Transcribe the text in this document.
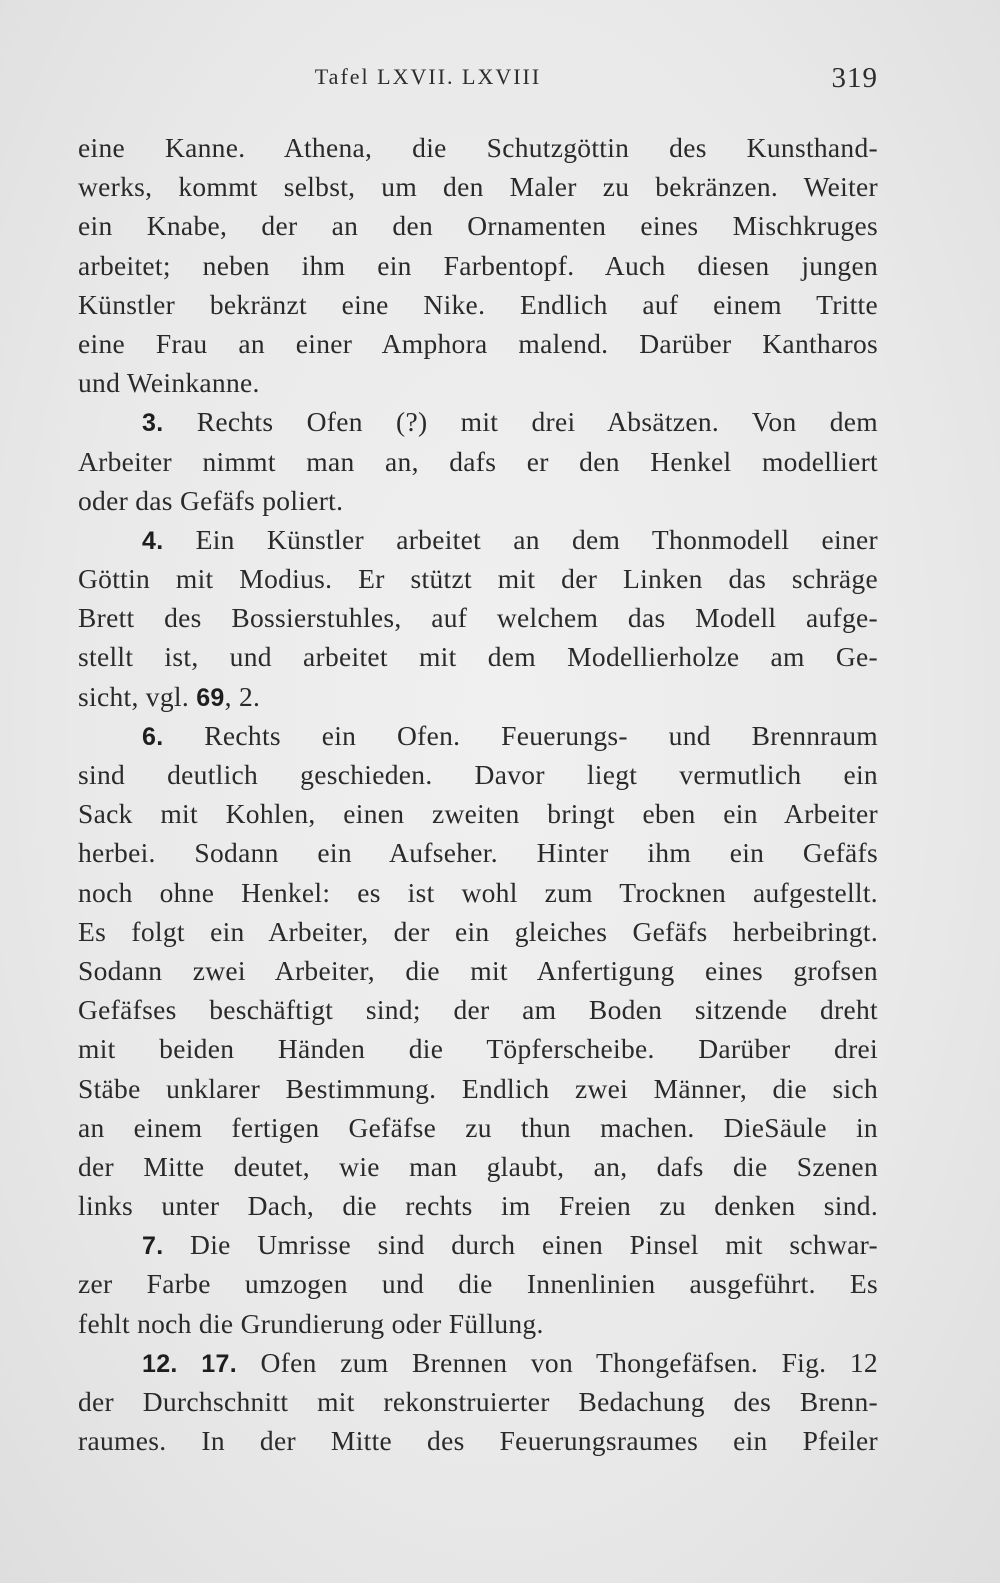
Tafel LXVII. LXVIII	319
eine Kanne. Athena, die Schutzgöttin des Kunsthand-
werks, kommt selbst, um den Maler zu bekränzen. Weiter
ein Knabe, der an den Ornamenten eines Mischkruges
arbeitet; neben ihm ein Farbentopf. Auch diesen jungen
Künstler bekränzt eine Nike. Endlich auf einem Tritte
eine Frau an einer Amphora malend. Darüber Kantharos
und Weinkanne.
3. Rechts Ofen (?) mit drei Absätzen. Von dem
Arbeiter nimmt man an, dafs er den Henkel modelliert
oder das Gefäfs poliert.
4. Ein Künstler arbeitet an dem Thonmodell einer
Göttin mit Modius. Er stützt mit der Linken das schräge
Brett des Bossierstuhles, auf welchem das Modell aufge-
stellt ist, und arbeitet mit dem Modellierholze am Ge-
sicht, vgl. 69, 2.
6. Rechts ein Ofen. Feuerungs- und Brennraum
sind deutlich geschieden. Davor liegt vermutlich ein
Sack mit Kohlen, einen zweiten bringt eben ein Arbeiter
herbei. Sodann ein Aufseher. Hinter ihm ein Gefäfs
noch ohne Henkel: es ist wohl zum Trocknen aufgestellt.
Es folgt ein Arbeiter, der ein gleiches Gefäfs herbeibringt.
Sodann zwei Arbeiter, die mit Anfertigung eines grofsen
Gefäfses beschäftigt sind; der am Boden sitzende dreht
mit beiden Händen die Töpferscheibe. Darüber drei
Stäbe unklarer Bestimmung. Endlich zwei Männer, die sich
an einem fertigen Gefäfse zu thun machen. DieSäule in
der Mitte deutet, wie man glaubt, an, dafs die Szenen
links unter Dach, die rechts im Freien zu denken sind.
7. Die Umrisse sind durch einen Pinsel mit schwar-
zer Farbe umzogen und die Innenlinien ausgeführt. Es
fehlt noch die Grundierung oder Füllung.
12. 17. Ofen zum Brennen von Thongefäfsen. Fig. 12
der Durchschnitt mit rekonstruierter Bedachung des Brenn-
raumes. In der Mitte des Feuerungsraumes ein Pfeiler
